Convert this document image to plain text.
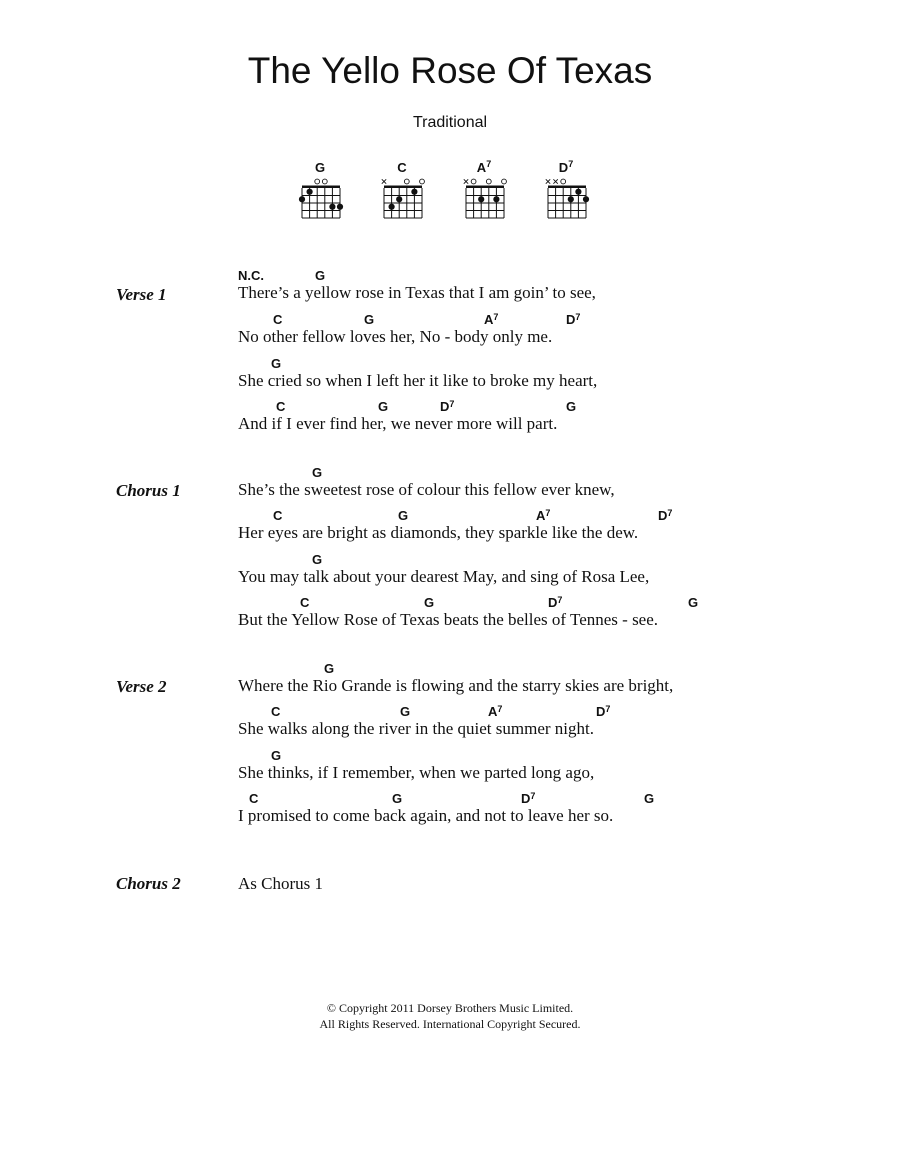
The Yello Rose Of Texas
Traditional
G	C	$A^7$	$D^7$
Verse 1
N.C.	G
There’s a yellow rose in Texas that I am goin’ to see,
C	G	$A^7$	$D^7$
No other fellow loves her, No - body only me.
G
She cried so when I left her it like to broke my heart,
C	G	$D^7$	G
And if I ever find her, we never more will part.
Chorus 1
G
She’s the sweetest rose of colour this fellow ever knew,
C	G	$A^7$	$D^7$
Her eyes are bright as diamonds, they sparkle like the dew.
G
You may talk about your dearest May, and sing of Rosa Lee,
C	G	$D^7$	G
But the Yellow Rose of Texas beats the belles of Tennes - see.
Verse 2
G
Where the Rio Grande is flowing and the starry skies are bright,
C	G	$A^7$	$D^7$
She walks along the river in the quiet summer night.
G
She thinks, if I remember, when we parted long ago,
C	G	$D^7$	G
I promised to come back again, and not to leave her so.
Chorus 2	As Chorus 1
© Copyright 2011 Dorsey Brothers Music Limited.
All Rights Reserved. International Copyright Secured.
